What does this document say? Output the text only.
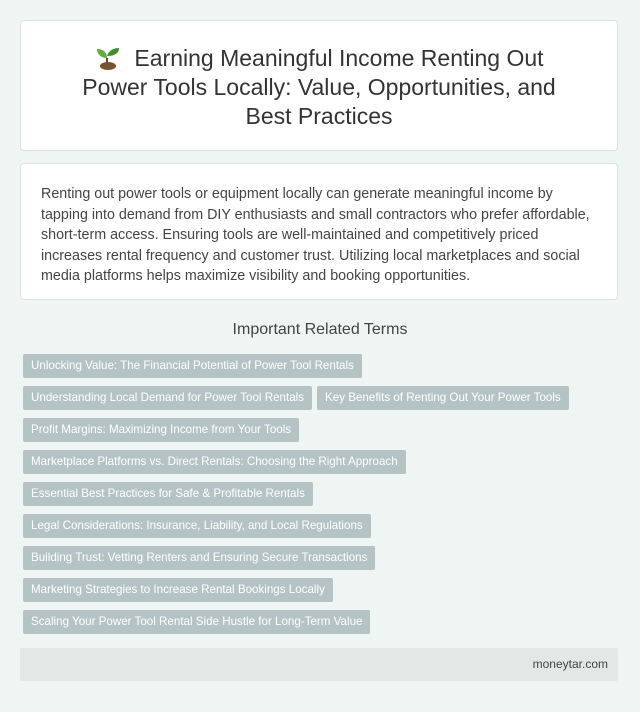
Earning Meaningful Income Renting Out Power Tools Locally: Value, Opportunities, and Best Practices

Renting out power tools or equipment locally can generate meaningful income by tapping into demand from DIY enthusiasts and small contractors who prefer affordable, short-term access. Ensuring tools are well-maintained and competitively priced increases rental frequency and customer trust. Utilizing local marketplaces and social media platforms helps maximize visibility and booking opportunities.

Important Related Terms
Unlocking Value: The Financial Potential of Power Tool Rentals
Understanding Local Demand for Power Tool Rentals	Key Benefits of Renting Out Your Power Tools
Profit Margins: Maximizing Income from Your Tools
Marketplace Platforms vs. Direct Rentals: Choosing the Right Approach
Essential Best Practices for Safe & Profitable Rentals
Legal Considerations: Insurance, Liability, and Local Regulations
Building Trust: Vetting Renters and Ensuring Secure Transactions
Marketing Strategies to Increase Rental Bookings Locally
Scaling Your Power Tool Rental Side Hustle for Long-Term Value
moneytar.com
